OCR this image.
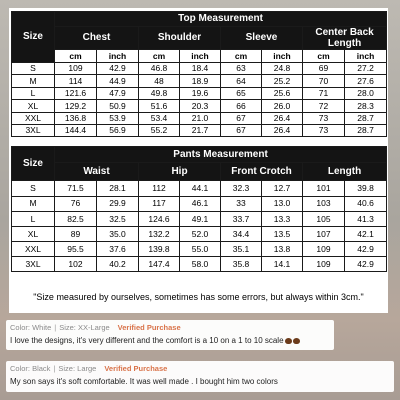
Size	Top Measurement							
	Chest		Shoulder		Sleeve		Center Back Length	
	cm	inch	cm	inch	cm	inch	cm	inch
S	109	42.9	46.8	18.4	63	24.8	69	27.2
M	114	44.9	48	18.9	64	25.2	70	27.6
L	121.6	47.9	49.8	19.6	65	25.6	71	28.0
XL	129.2	50.9	51.6	20.3	66	26.0	72	28.3
XXL	136.8	53.9	53.4	21.0	67	26.4	73	28.7
3XL	144.4	56.9	55.2	21.7	67	26.4	73	28.7

Size	Pants Measurement							
	Waist		Hip		Front Crotch		Length	
S	71.5	28.1	112	44.1	32.3	12.7	101	39.8
M	76	29.9	117	46.1	33	13.0	103	40.6
L	82.5	32.5	124.6	49.1	33.7	13.3	105	41.3
XL	89	35.0	132.2	52.0	34.4	13.5	107	42.1
XXL	95.5	37.6	139.8	55.0	35.1	13.8	109	42.9
3XL	102	40.2	147.4	58.0	35.8	14.1	109	42.9
"Size measured by ourselves, sometimes has some errors, but always within 3cm."
Color: White | Size: XX-Large Verified Purchase
I love the designs, it's very different and the comfort is a 10 on a 1 to 10 scale
Color: Black | Size: Large Verified Purchase
My son says it's soft comfortable. It was well made . I bought him two colors
